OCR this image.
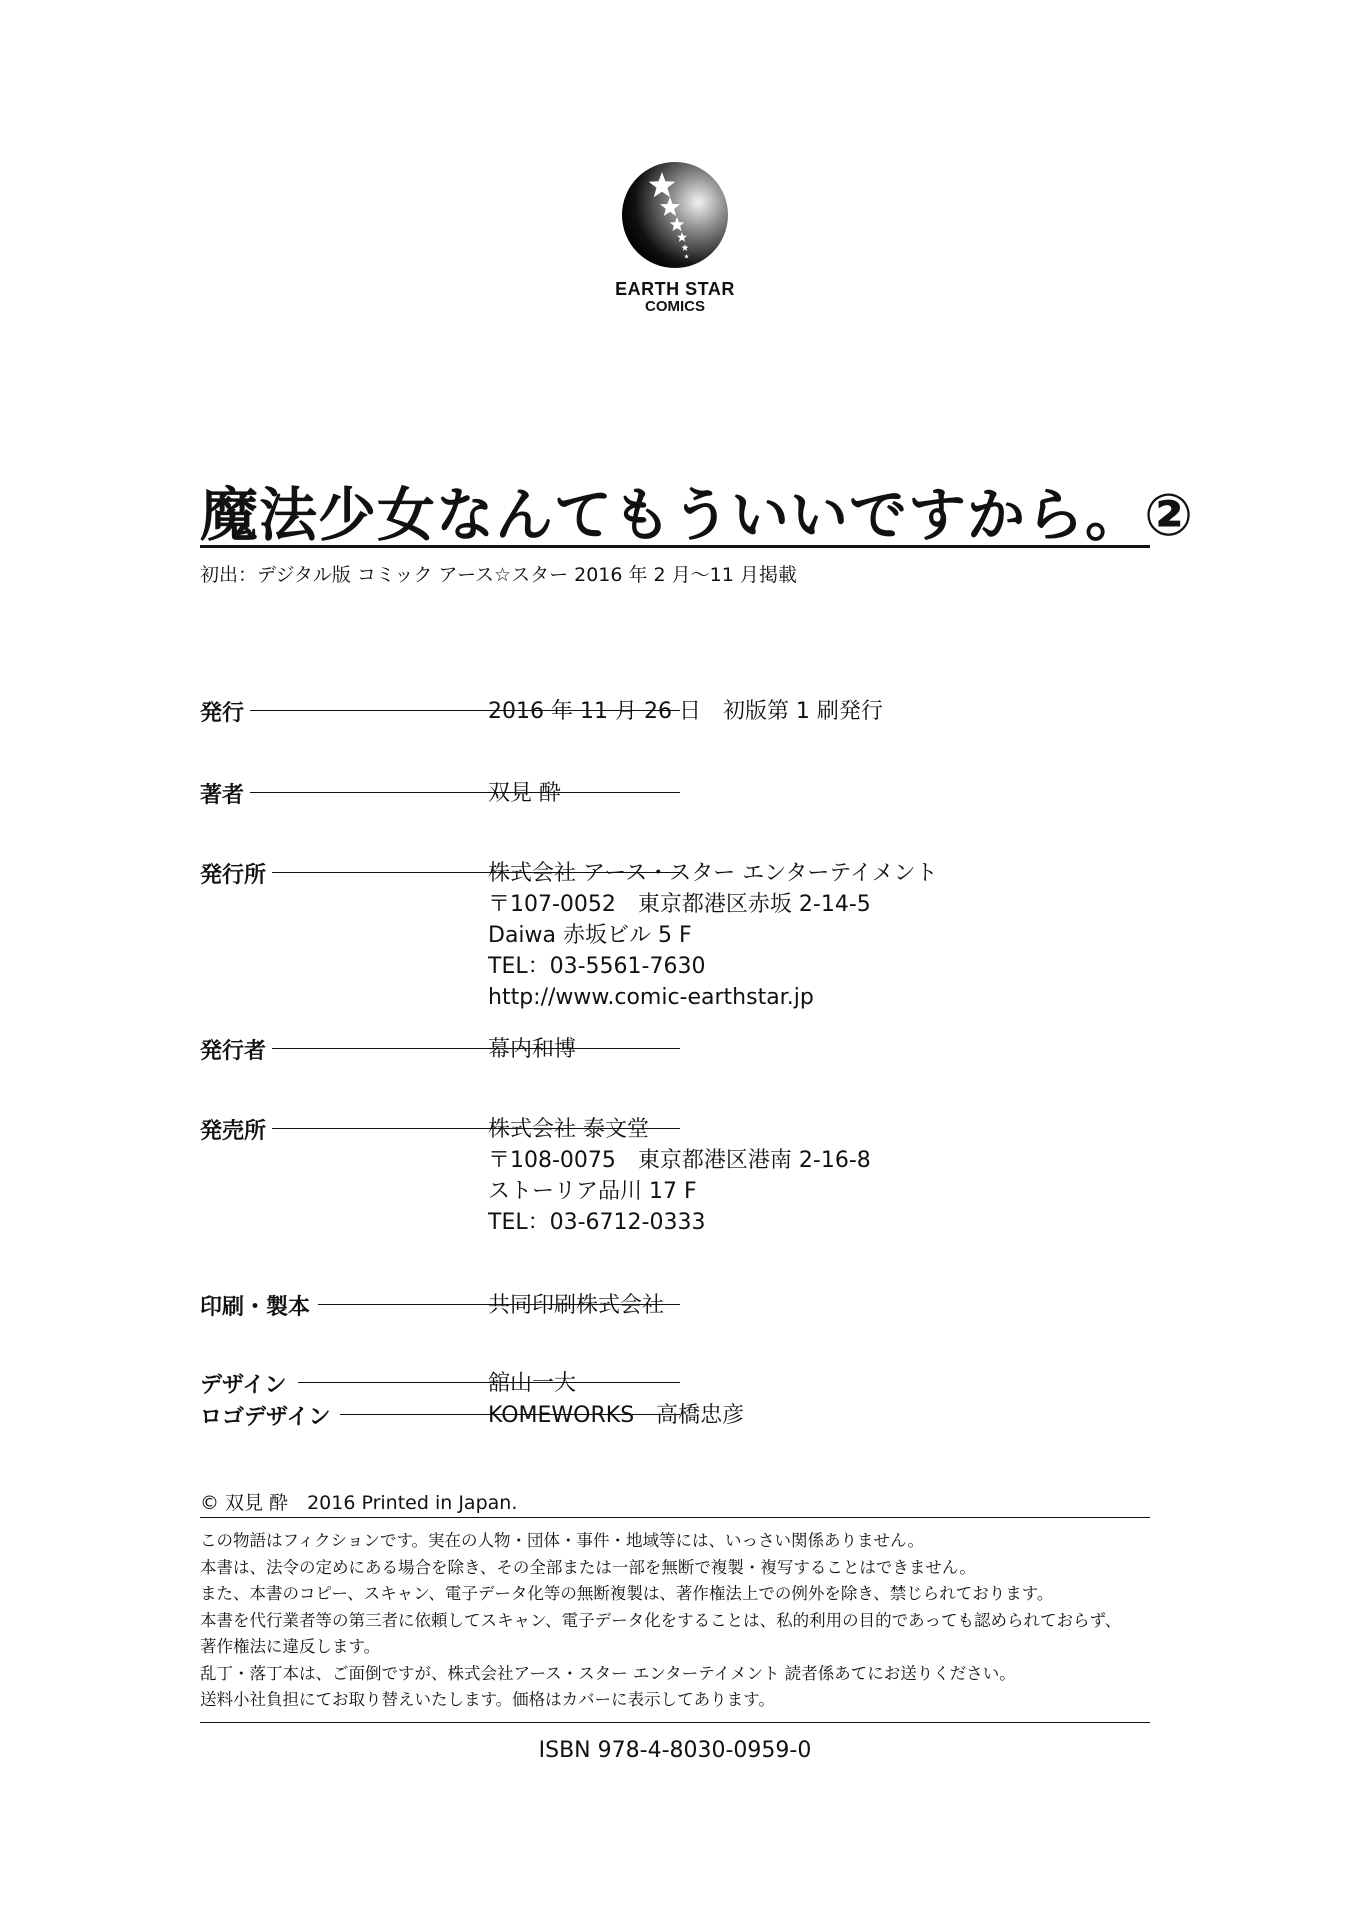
EARTH STAR
COMICS
魔法少女なんてもういいですから。②
初出：デジタル版 コミック アース☆スター 2016 年 2 月～11 月掲載
発行	2016 年 11 月 26 日　初版第 1 刷発行
著者	双見 酔
発行所	株式会社 アース・スター エンターテイメント
〒107-0052　東京都港区赤坂 2-14-5
Daiwa 赤坂ビル 5 F
TEL：03-5561-7630
http://www.comic-earthstar.jp
発行者	幕内和博
発売所	株式会社 泰文堂
〒108-0075　東京都港区港南 2-16-8
ストーリア品川 17 F
TEL：03-6712-0333
印刷・製本	共同印刷株式会社
デザイン	舘山一大
ロゴデザイン	KOMEWORKS　高橋忠彦
© 双見 酔　2016 Printed in Japan.
この物語はフィクションです。実在の人物・団体・事件・地域等には、いっさい関係ありません。
本書は、法令の定めにある場合を除き、その全部または一部を無断で複製・複写することはできません。
また、本書のコピー、スキャン、電子データ化等の無断複製は、著作権法上での例外を除き、禁じられております。
本書を代行業者等の第三者に依頼してスキャン、電子データ化をすることは、私的利用の目的であっても認められておらず、
著作権法に違反します。
乱丁・落丁本は、ご面倒ですが、株式会社アース・スター エンターテイメント 読者係あてにお送りください。
送料小社負担にてお取り替えいたします。価格はカバーに表示してあります。
ISBN 978-4-8030-0959-0
